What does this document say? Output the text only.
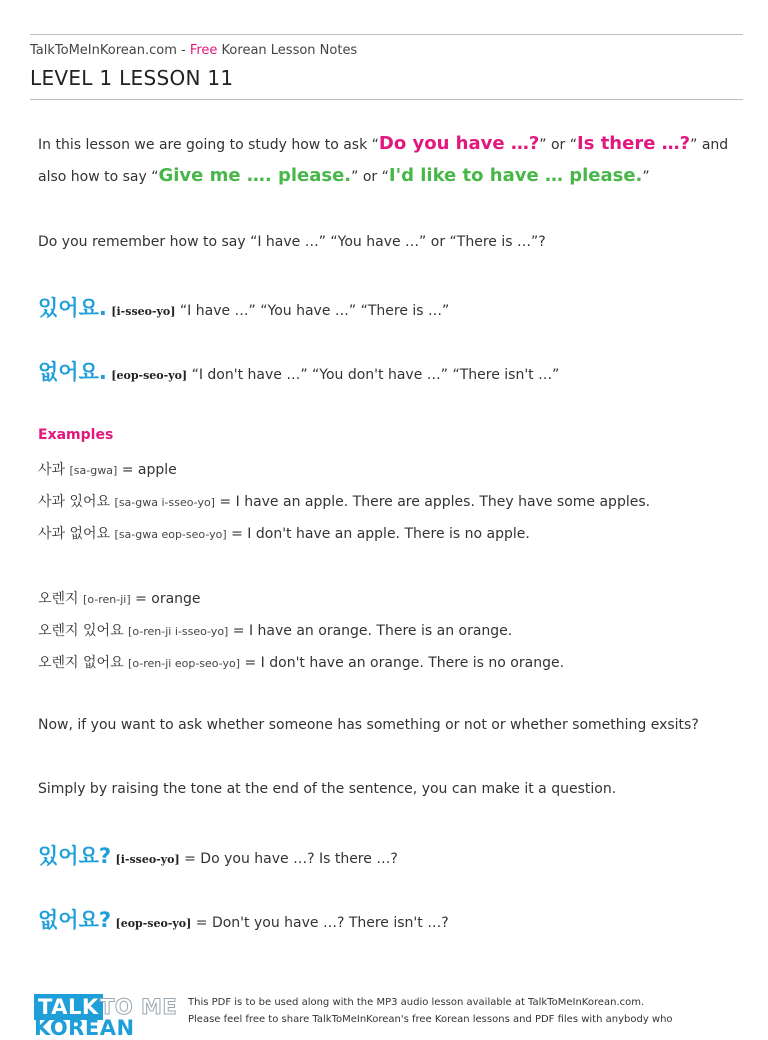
TalkToMeInKorean.com - Free Korean Lesson Notes
LEVEL 1 LESSON 11
In this lesson we are going to study how to ask “Do you have …?” or “Is there …?” and
also how to say “Give me …. please.” or “I'd like to have … please.”
Do you remember how to say “I have …” “You have …” or “There is …”?
있어요. [i-sseo-yo] “I have …” “You have …” “There is …”
없어요. [eop-seo-yo] “I don't have …” “You don't have …” “There isn't …”
Examples
사과 [sa-gwa] = apple
사과 있어요 [sa-gwa i-sseo-yo] = I have an apple. There are apples. They have some apples.
사과 없어요 [sa-gwa eop-seo-yo] = I don't have an apple. There is no apple.
오렌지 [o-ren-ji] = orange
오렌지 있어요 [o-ren-ji i-sseo-yo] = I have an orange. There is an orange.
오렌지 없어요 [o-ren-ji eop-seo-yo] = I don't have an orange. There is no orange.
Now, if you want to ask whether someone has something or not or whether something exsits?
Simply by raising the tone at the end of the sentence, you can make it a question.
있어요? [i-sseo-yo] = Do you have …? Is there …?
없어요? [eop-seo-yo] = Don't you have …? There isn't …?
TALK TO ME
KOREAN
This PDF is to be used along with the MP3 audio lesson available at TalkToMeInKorean.com.
Please feel free to share TalkToMeInKorean's free Korean lessons and PDF files with anybody who
